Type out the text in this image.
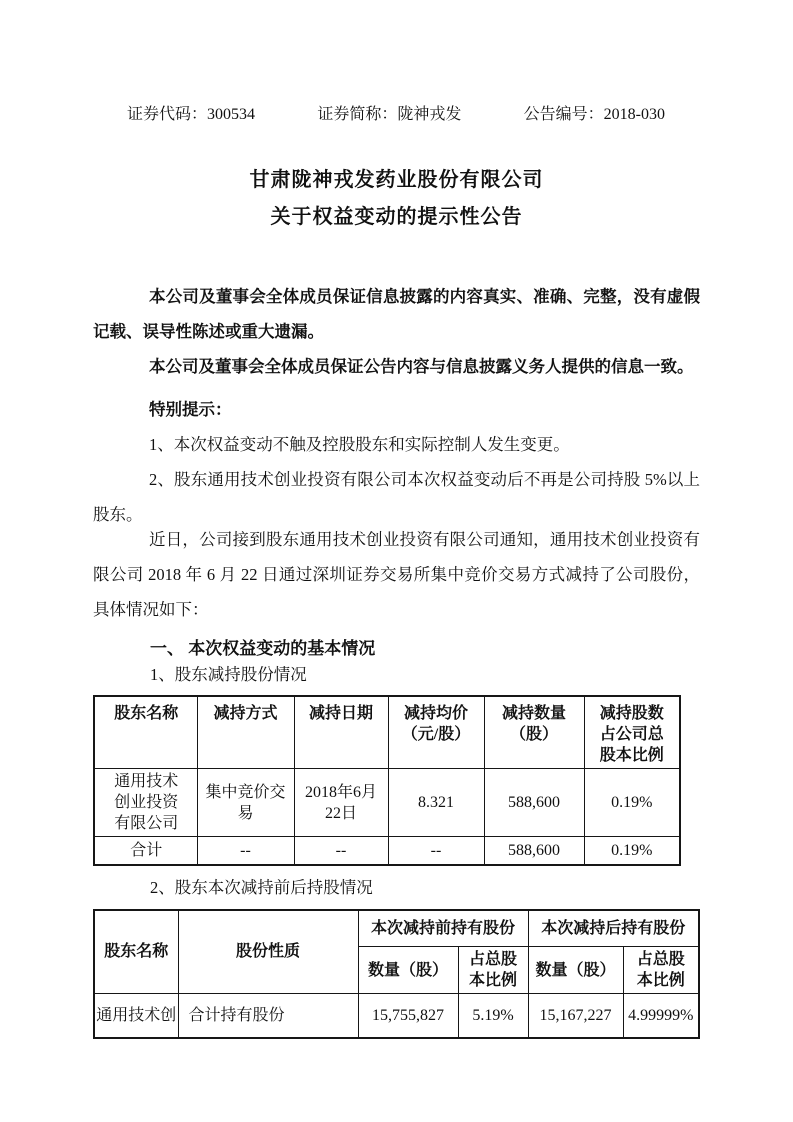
证券代码：300534	证券简称：陇神戎发	公告编号：2018-030
甘肃陇神戎发药业股份有限公司
关于权益变动的提示性公告

本公司及董事会全体成员保证信息披露的内容真实、准确、完整，没有虚假记载、误导性陈述或重大遗漏。

本公司及董事会全体成员保证公告内容与信息披露义务人提供的信息一致。

特别提示：

1、本次权益变动不触及控股股东和实际控制人发生变更。

2、股东通用技术创业投资有限公司本次权益变动后不再是公司持股 5%以上股东。

近日，公司接到股东通用技术创业投资有限公司通知，通用技术创业投资有限公司 2018 年 6 月 22 日通过深圳证券交易所集中竞价交易方式减持了公司股份，具体情况如下：

一、 本次权益变动的基本情况
1、股东减持股份情况
股东名称	减持方式	减持日期	减持均价（元/股）	减持数量（股）	减持股数占公司总股本比例
通用技术创业投资有限公司	集中竞价交易	2018年6月22日	8.321	588,600	0.19%
合计	--	--	--	588,600	0.19%
2、股东本次减持前后持股情况
股东名称	股份性质	本次减持前持有股份		本次减持后持有股份	
		数量（股）	占总股本比例	数量（股）	占总股本比例
通用技术创	合计持有股份	15,755,827	5.19%	15,167,227	4.99999%
